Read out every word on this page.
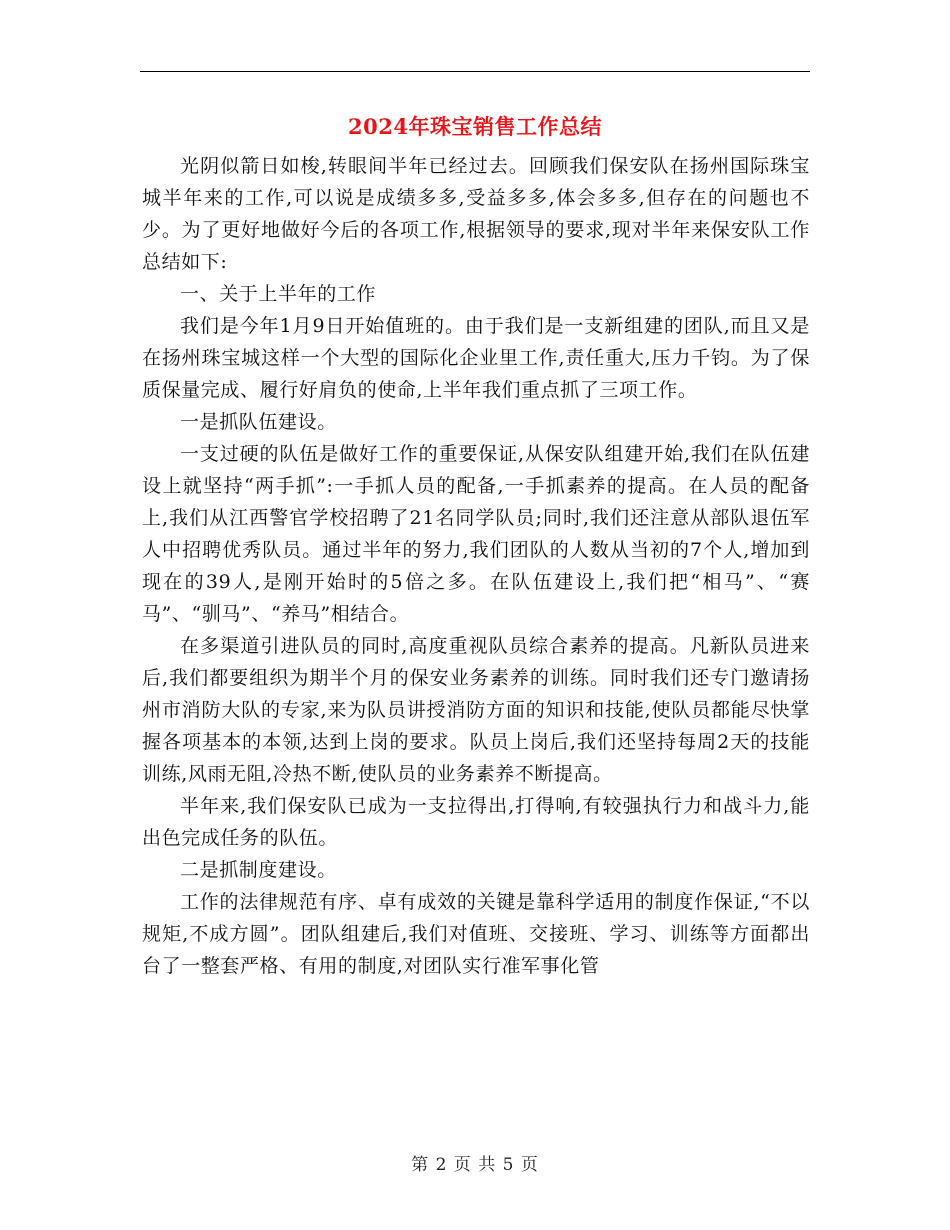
2024年珠宝销售工作总结

光阴似箭日如梭,转眼间半年已经过去。回顾我们保安队在扬州国际珠宝城半年来的工作,可以说是成绩多多,受益多多,体会多多,但存在的问题也不少。为了更好地做好今后的各项工作,根据领导的要求,现对半年来保安队工作总结如下:

一、关于上半年的工作

我们是今年1月9日开始值班的。由于我们是一支新组建的团队,而且又是在扬州珠宝城这样一个大型的国际化企业里工作,责任重大,压力千钧。为了保质保量完成、履行好肩负的使命,上半年我们重点抓了三项工作。

一是抓队伍建设。

一支过硬的队伍是做好工作的重要保证,从保安队组建开始,我们在队伍建设上就坚持“两手抓”:一手抓人员的配备,一手抓素养的提高。在人员的配备上,我们从江西警官学校招聘了21名同学队员;同时,我们还注意从部队退伍军人中招聘优秀队员。通过半年的努力,我们团队的人数从当初的7个人,增加到现在的39人,是刚开始时的5倍之多。在队伍建设上,我们把“相马”、“赛马”、“驯马”、“养马”相结合。

在多渠道引进队员的同时,高度重视队员综合素养的提高。凡新队员进来后,我们都要组织为期半个月的保安业务素养的训练。同时我们还专门邀请扬州市消防大队的专家,来为队员讲授消防方面的知识和技能,使队员都能尽快掌握各项基本的本领,达到上岗的要求。队员上岗后,我们还坚持每周2天的技能训练,风雨无阻,冷热不断,使队员的业务素养不断提高。

半年来,我们保安队已成为一支拉得出,打得响,有较强执行力和战斗力,能出色完成任务的队伍。

二是抓制度建设。

工作的法律规范有序、卓有成效的关键是靠科学适用的制度作保证,“不以规矩,不成方圆”。团队组建后,我们对值班、交接班、学习、训练等方面都出台了一整套严格、有用的制度,对团队实行准军事化管

第 2 页 共 5 页
